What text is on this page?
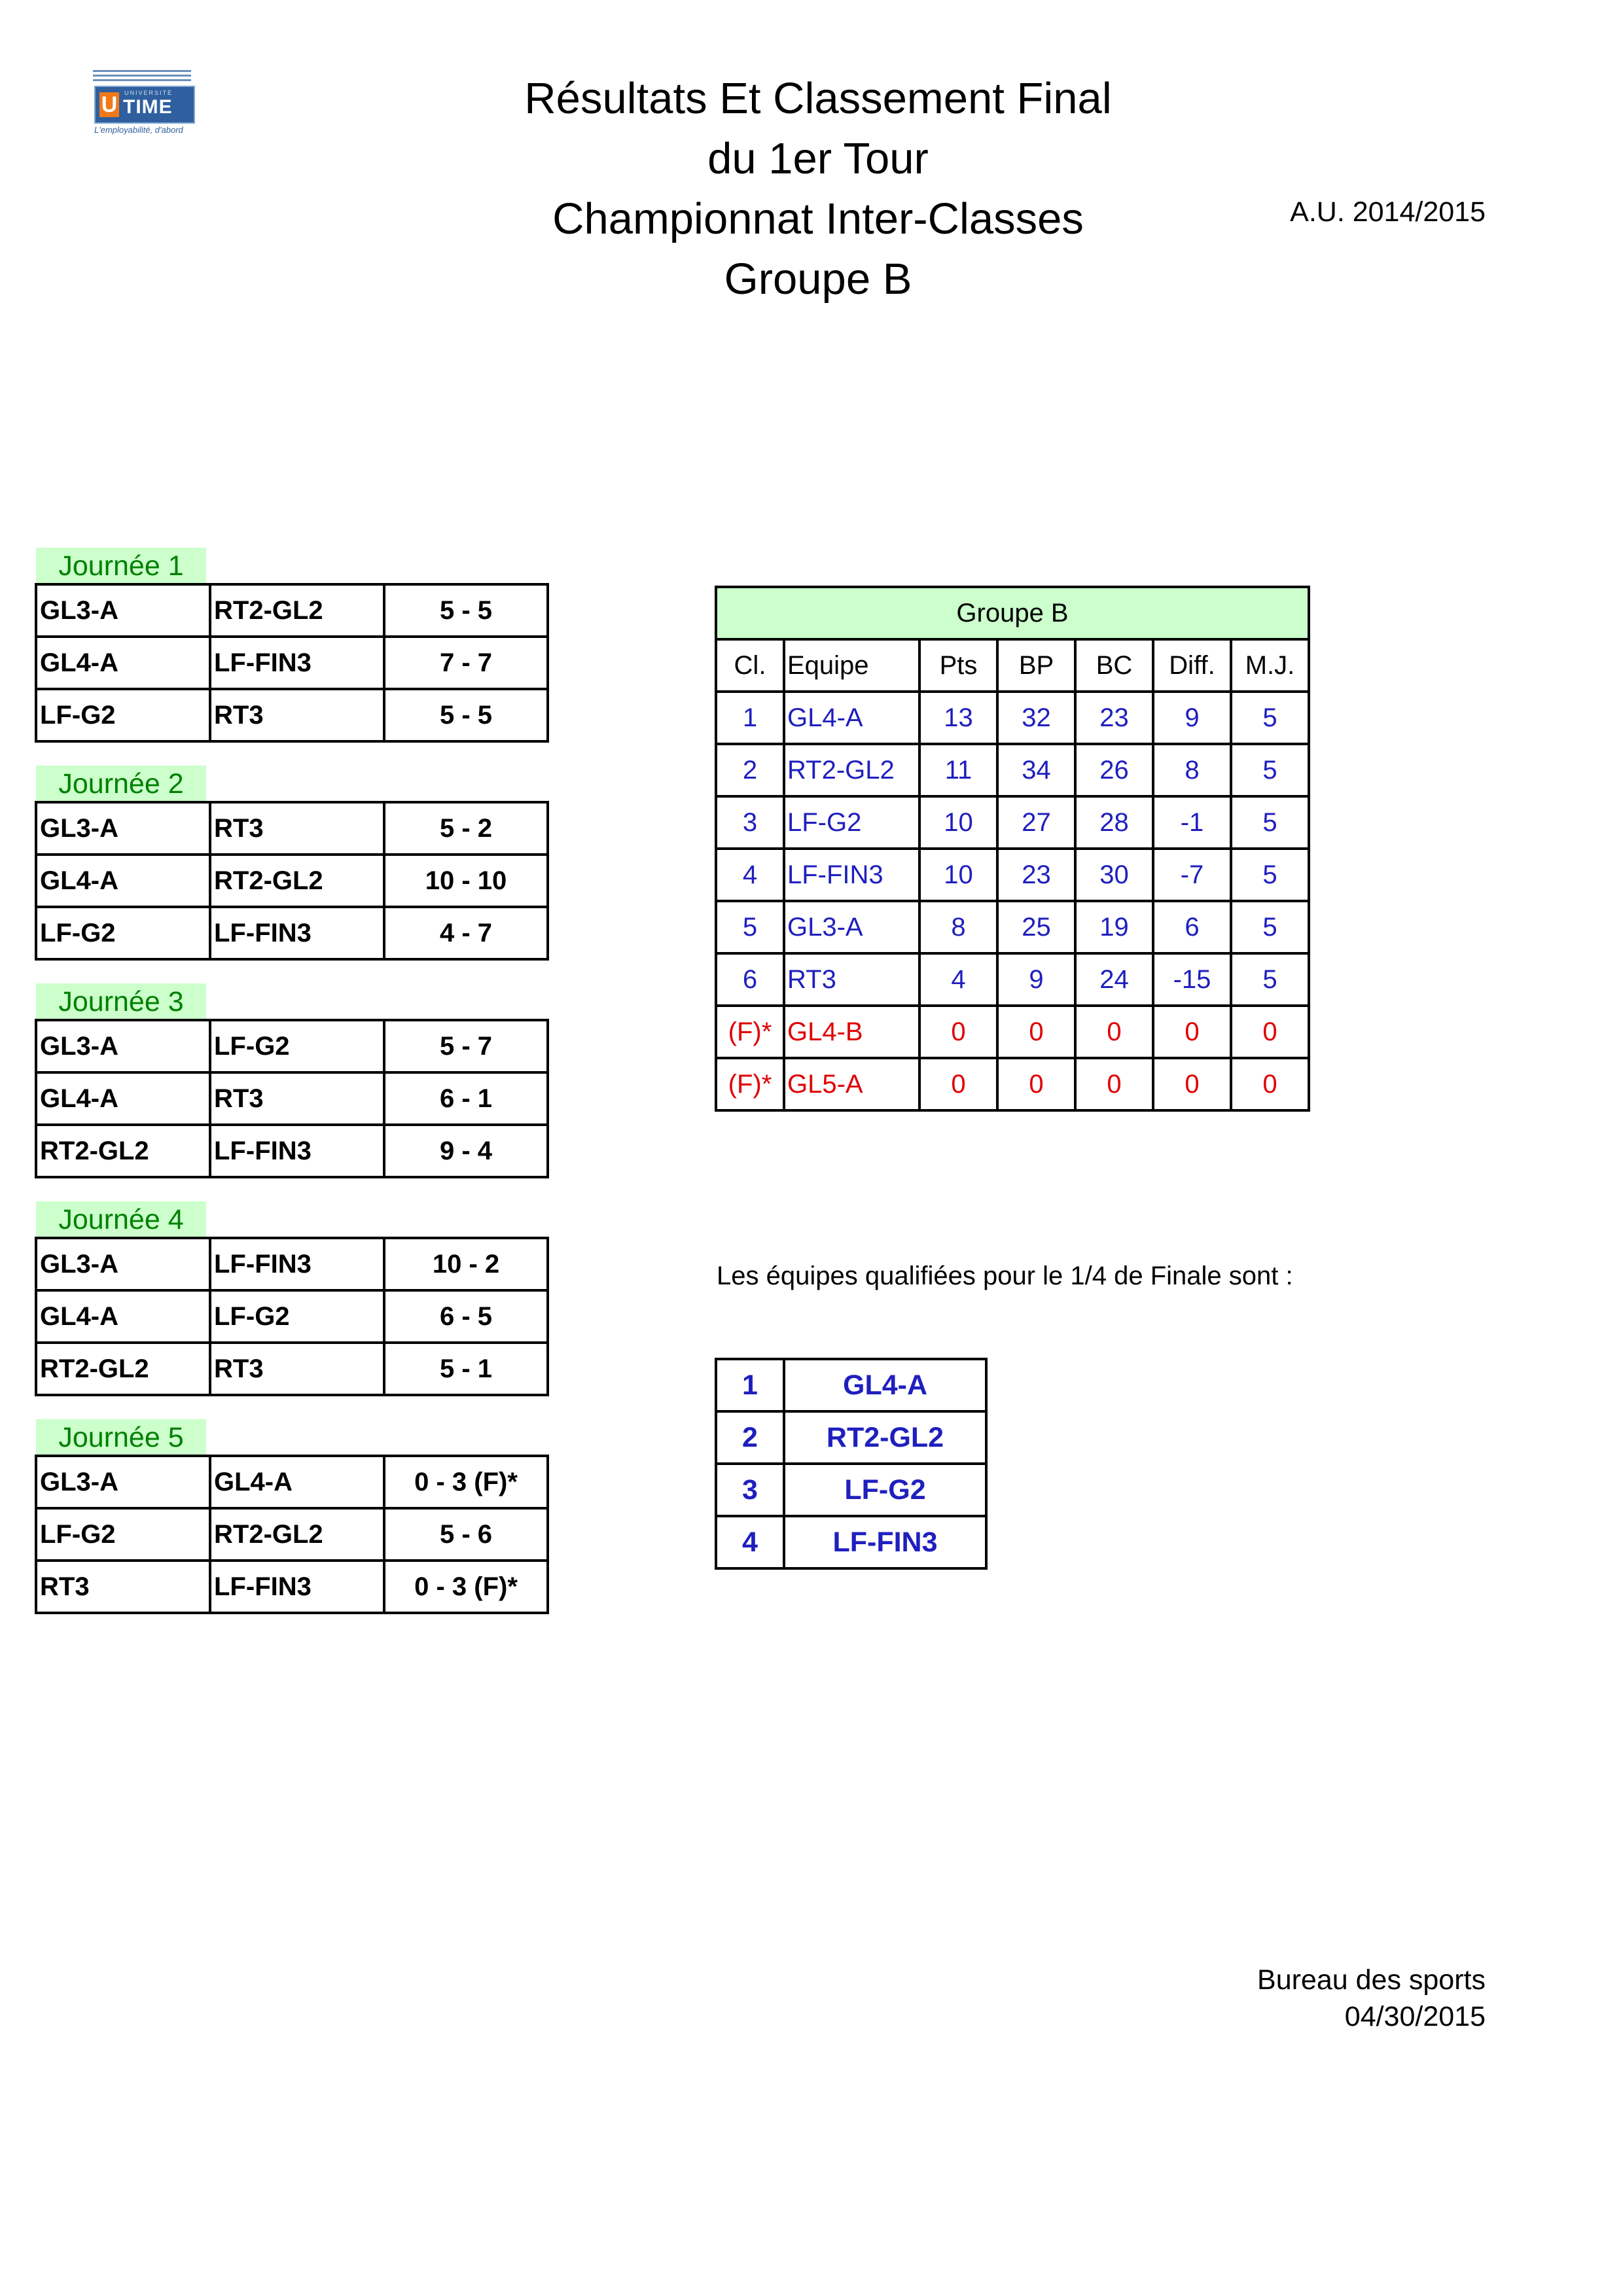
U	UNIVERSITÉ
TIME
L'employabilité, d'abord
Résultats Et Classement Final
du 1er Tour
Championnat Inter-Classes
Groupe B
A.U. 2014/2015
Journée 1
GL3-A	RT2-GL2	5 - 5
GL4-A	LF-FIN3	7 - 7
LF-G2	RT3	5 - 5
Journée 2
GL3-A	RT3	5 - 2
GL4-A	RT2-GL2	10 - 10
LF-G2	LF-FIN3	4 - 7
Journée 3
GL3-A	LF-G2	5 - 7
GL4-A	RT3	6 - 1
RT2-GL2	LF-FIN3	9 - 4
Journée 4
GL3-A	LF-FIN3	10 - 2
GL4-A	LF-G2	6 - 5
RT2-GL2	RT3	5 - 1
Journée 5
GL3-A	GL4-A	0 - 3 (F)*
LF-G2	RT2-GL2	5 - 6
RT3	LF-FIN3	0 - 3 (F)*
Groupe B						
Cl.	Equipe	Pts	BP	BC	Diff.	M.J.
1	GL4-A	13	32	23	9	5
2	RT2-GL2	11	34	26	8	5
3	LF-G2	10	27	28	-1	5
4	LF-FIN3	10	23	30	-7	5
5	GL3-A	8	25	19	6	5
6	RT3	4	9	24	-15	5
(F)*	GL4-B	0	0	0	0	0
(F)*	GL5-A	0	0	0	0	0
Les équipes qualifiées pour le 1/4 de Finale sont :
1	GL4-A
2	RT2-GL2
3	LF-G2
4	LF-FIN3
Bureau des sports
04/30/2015
